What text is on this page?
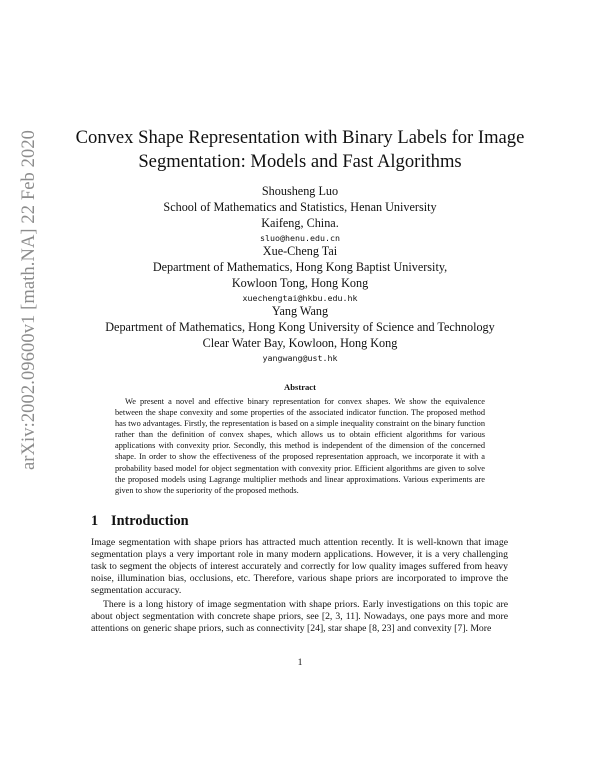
arXiv:2002.09600v1 [math.NA] 22 Feb 2020	Convex Shape Representation with Binary Labels for Image
Segmentation: Models and Fast Algorithms
Shousheng Luo
School of Mathematics and Statistics, Henan University
Kaifeng, China.
sluo@henu.edu.cn
Xue-Cheng Tai
Department of Mathematics, Hong Kong Baptist University,
Kowloon Tong, Hong Kong
xuechengtai@hkbu.edu.hk
Yang Wang
Department of Mathematics, Hong Kong University of Science and Technology
Clear Water Bay, Kowloon, Hong Kong
yangwang@ust.hk
Abstract
We present a novel and effective binary representation for convex shapes. We show the equivalence between the shape convexity and some properties of the associated indicator function. The proposed method has two advantages. Firstly, the representation is based on a simple inequality constraint on the binary function rather than the definition of convex shapes, which allows us to obtain efficient algorithms for various applications with convexity prior. Secondly, this method is independent of the dimension of the concerned shape. In order to show the effectiveness of the proposed representation approach, we incorporate it with a probability based model for object segmentation with convexity prior. Efficient algorithms are given to solve the proposed models using Lagrange multiplier methods and linear approximations. Various experiments are given to show the superiority of the proposed methods.
1 Introduction
Image segmentation with shape priors has attracted much attention recently. It is well-known that image segmentation plays a very important role in many modern applications. However, it is a very challenging task to segment the objects of interest accurately and correctly for low quality images suffered from heavy noise, illumination bias, occlusions, etc. Therefore, various shape priors are incorporated to improve the segmentation accuracy.
There is a long history of image segmentation with shape priors. Early investigations on this topic are about object segmentation with concrete shape priors, see [2, 3, 11]. Nowadays, one pays more and more attentions on generic shape priors, such as connectivity [24], star shape [8, 23] and convexity [7]. More
1
